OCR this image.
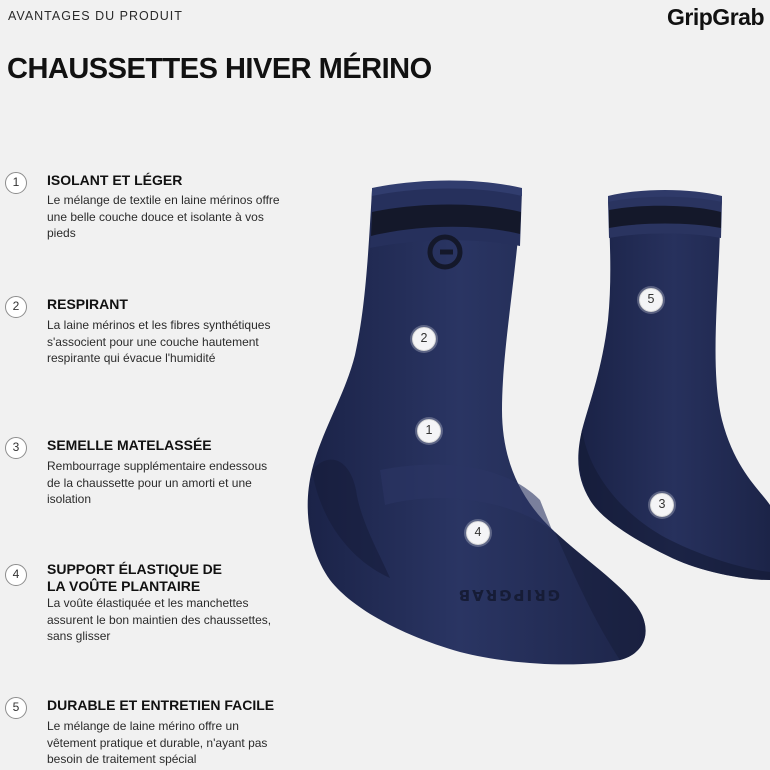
AVANTAGES DU PRODUIT	GripGrab
CHAUSSETTES HIVER MÉRINO
1	ISOLANT ET LÉGER
Le mélange de textile en laine mérinos offre une belle couche douce et isolante à vos pieds
2	RESPIRANT
La laine mérinos et les fibres synthétiques s'associent pour une couche hautement respirante qui évacue l'humidité
3	SEMELLE MATELASSÉE
Rembourrage supplémentaire endessous de la chaussette pour un amorti et une isolation
4	SUPPORT ÉLASTIQUE DE
LA VOÛTE PLANTAIRE
La voûte élastiquée et les manchettes assurent le bon maintien des chaussettes, sans glisser
5	DURABLE ET ENTRETIEN FACILE
Le mélange de laine mérino offre un vêtement pratique et durable, n'ayant pas besoin de traitement spécial
GRIPGRAB
2
1
4
5
3
